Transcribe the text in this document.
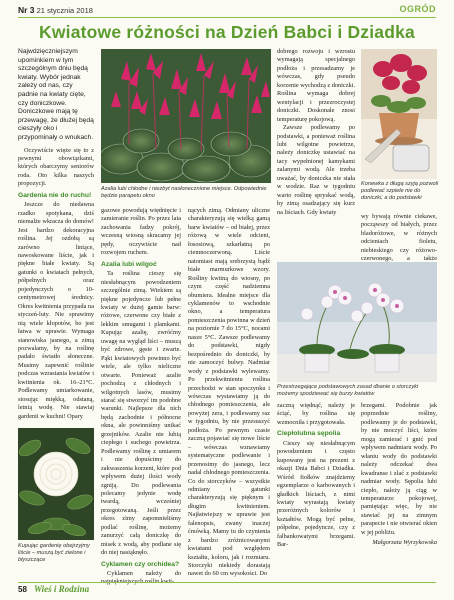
Nr 3 21 stycznia 2018	OGRÓD
Kwiatowe różności na Dzień Babci i Dziadka

Najwdzięczniejszym upominkiem w tym szczególnym dniu będą kwiaty. Wybór jednak zależy od nas, czy padnie na kwiaty cięte, czy doniczkowe. Doniczkowe mają tę przewagę, że dłużej będą cieszyły oko i przypominały o wnukach.

Oczywiście więże się to z pewnymi obowiązkami, których obarczymy seniorów roda. Oto kilka naszych propozycji.

Gardenia nie do ruchu!

Jeszcze do niedawna rzadko spotykana, dziś niemalże wkracza do domów! Jest bardzo dekoracyjna roślina. Jej ozdobą są zarówno liniące, nawoskowane liście, jak i piękne białe kwiaty. Są gatunki o kwiatach pełnych, półpełnych oraz pojedynczych o 10-centymetrowej średnicy. Okres kwitnienia przypada na styczeń-luty. Nie sprawimy nią wiele kłopotów, bo jest łatwa w uprawie. Wymaga stanowiska jasnego, a zimą pozwalamy, by na roślinę padało światło słoneczne. Musimy zapewnić roślinie podczas wzrastania kwiatów i kwitnienia ok. 16–21°C. Podlewamy umiarkowanie, stosując miękką, odstaną, letnią wodę. Nie stawiaj gardenii w kuchni! Opary

Azalia lubi chłodne i niezbyt nasłonecznione miejsce. Odpowiednie będzie parapetu okno

gazowe powodują więdnięcie i zamieranie roślin. Po przez lata zachowania fadzy pokrój, wczesną wiosną skracamy jej pędy, oczywiście nad rozwojem ruchem.

Azalia lubi wilgoć

Ta roślina cieszy się niesłabnącym powodzeniem szczególnie zimą. Wiekiem są piękne pojedyncze lub pełne kwiaty w dużej gamie barw: różowe, czerwone czy białe z lekkim smugami i plamkami. Kupując azalię, zwróćmy uwagę na wygląd liści – muszą być zdrowe, gęste i zwarte. Pąki kwiatowych powinno być wiele, ale tylko nieliczne otwarte. Ponieważ azalie pochodzą z chłodnych i wilgotnych lasów, musimy starać się stworzyć im podobne warunki. Najlepsze dla nich będą zachodnie i północne okna, ale powinniśmy unikać grzejników. Azalie nie lubią ciepłego i suchego powietrza. Podlewamy roślinę z umiarem i nie dopuścimy do zakwaszenia korzeni, które pod wpływem dużej ilości wody zgniją. Do podlewania polecamy jedynie wodę twardą, wcześniej przegotowaną. Jeśli przez okres zimy zapomnieliśmy podlać roślinę, możemy zanurzyć całą doniczkę do misek z wodą, aby podlane się do niej nasiąknęło.

Cyklamen czy orchidea?

Cyklamen należy do

nących zimą. Odmiany uliczne charakteryzują się wielką gamą barw kwiatów – od białej, przez różową w wiele odcieni, łososiową, szkarłatną po ciemnoczerwoną. Liście natomiast mają srebrzystą bądź białe marmurkowe wzory. Rośliny kwitną do wiosny, po czym część nadziemna obumiera. Idealne miejsce dla cyklamenów to wschodnie okno, a temperatura pomieszczenia powinna w dzień na poziomie 7 do 15°C, nocami nasze 5°C. Zawsze podlewamy do podstawki, nigdy bezpośrednio do doniczki, by nie zamoczyć bulwy. Nadmiar wody z podstawki wylewamy. Po przekwitnieniu roślina przechodzi w stan spoczynku i wówczas wystawiamy ją do chłodnego pomieszczenia, ale powyżej zera, i podlewamy raz w tygodniu, by nie przesuszyć podłoża. Po pewnym czasie zaczną pojawiać się nowe liście – wówczas wznawiamy systematyczne podlewanie i przenosimy do jasnego, lecz nadal chłodnego pomieszczenia. Co do storczyków – wszystkie odmiany i gatunki charakteryzują się pięknym i długim kwitnieniem. Najłatwiejszy w uprawie jest falenopsis, zwany inaczej ćmówką. Mamy tu do czynienia z bardzo zróżnicowanymi kwiatami pod względem kształtu, koloru, jak i rozmiaru. Storczyki niekiedy dorastają nawet do 60 cm wysokości. Do

dobrego rozwoju i wzrostu wymagają specjalnego podłoża i przesadzamy je wówczas, gdy pseudo korzenie wychodzą z doniczki. Roślina wymaga dobrej wentylacji i przezroczystej doniczki. Doskonale znosi temperaturę pokojową.

Zawsze podlewamy po podstawki, a ponieważ roślina lubi wilgotne powietrze, należy doniczkę ustawiać na tacy wypełnionej kamykami zalanymi wodą. Ale trzeba uważać, by doniczka nie stała w wodzie. Raz w tygodniu warto roślinę spryskać wodą, by zimą osadzający się kurz na liściach. Gdy kwiaty

Konewka z długą szyją pozwoli podlewać szpiele nie do doniczki, a do podstawki

wy bywają równie ciekawe, począwszy od białych, przez bladoróżowe, w różnych odcieniach fioletu, niebieskiego czy różowo-czerwonego, a także

Przestrzegające podstawowych zasad dbanie o storczyki możemy spodziewać się burzy kwiatów

zaczną więdnąć, należy je ściąć, by roślina się wzmocniła i przygotowała.

Ciepłolubna sępolia

Cieszy się niesłabnącym powodzeniem i często kupowany jest na prezent z okazji Dnia Babci i Dziadka. Wśród fiołków znajdziemy egzemplarze o karbowanych i gładkich liściach, z nimi kwiaty wyrastają kwiaty przeróżnych kolorów i kształtów. Mogą być pełne, półpełne, pojedyncze, czy z falbankowatymi brzegami. Bar-

brzegami. Podobnie jak poprzednie rośliny, podlewamy je do podstawki, by nie moczyć liści, które mogą zamierać i gnić pod wpływem nadmiaru wody. Po właniu wody do podstawki należy odczekać dwa kwadranse i zlać z podstawki nadmiar wody. Sępolia lubi ciepło, należy ją ciąg w temperaturze pokojowej, pamiętając więc, by nie stawiać jej na zimnym parapecie i nie otwierać okien w jej pobliżu.

Małgorzata Wyrzykowska

Kupując gardenię obejrzyjmy liście – muszą być zielone i błyszczące
58 Wieś i Rodzina
